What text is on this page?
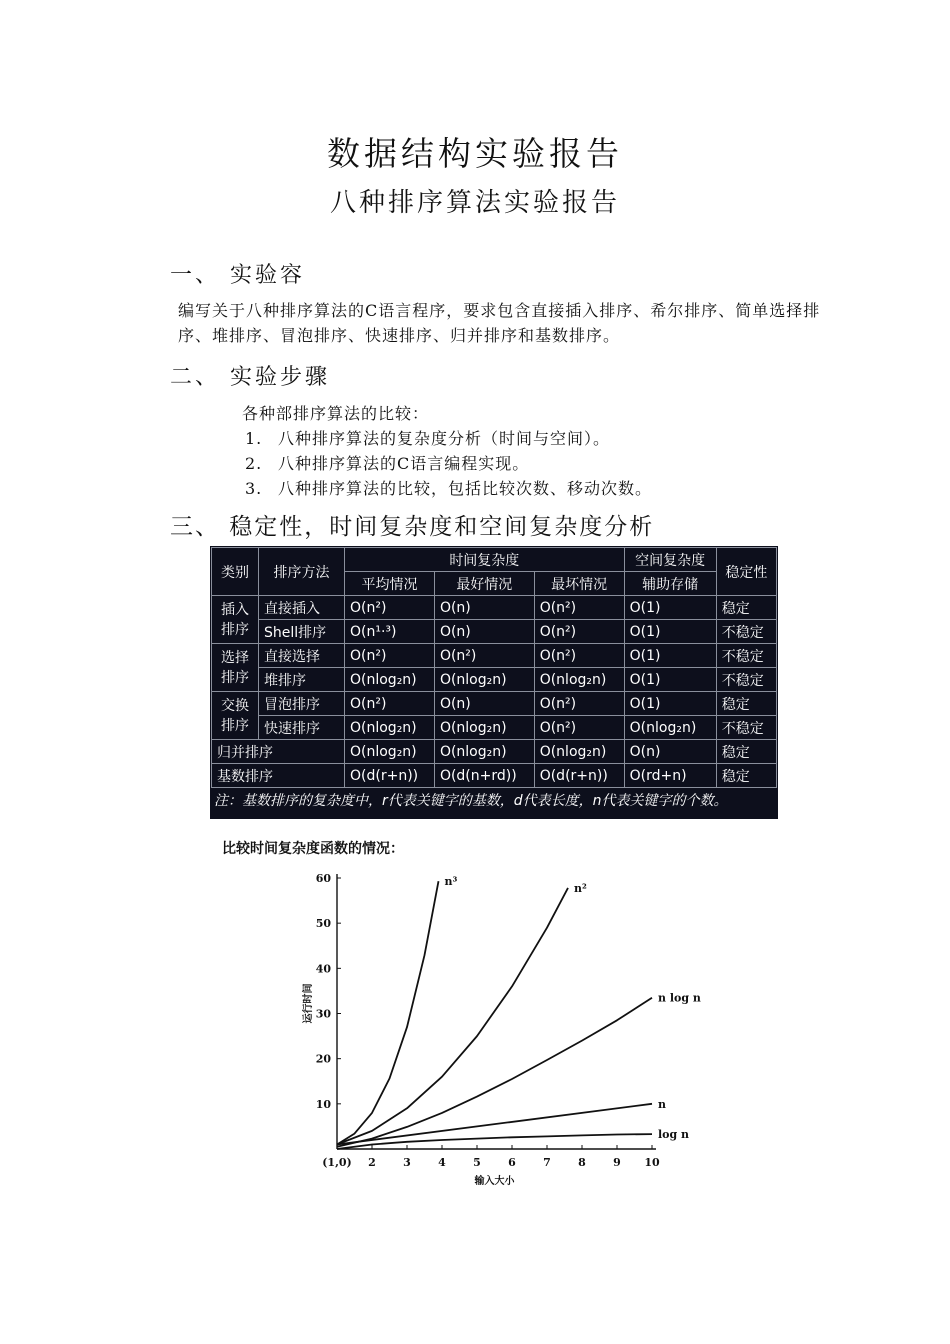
数据结构实验报告
八种排序算法实验报告
一、 实验容
编写关于八种排序算法的C语言程序，要求包含直接插入排序、希尔排序、简单选择排序、堆排序、冒泡排序、快速排序、归并排序和基数排序。
二、 实验步骤
各种部排序算法的比较：
1. 八种排序算法的复杂度分析（时间与空间）。
2. 八种排序算法的C语言编程实现。
3. 八种排序算法的比较，包括比较次数、移动次数。
三、 稳定性，时间复杂度和空间复杂度分析
类别	排序方法	时间复杂度			空间复杂度	稳定性
		平均情况	最好情况	最坏情况	辅助存储	
插入排序	直接插入	O(n²)	O(n)	O(n²)	O(1)	稳定
	Shell排序	O(n¹·³)	O(n)	O(n²)	O(1)	不稳定
选择排序	直接选择	O(n²)	O(n²)	O(n²)	O(1)	不稳定
	堆排序	O(nlog₂n)	O(nlog₂n)	O(nlog₂n)	O(1)	不稳定
交换排序	冒泡排序	O(n²)	O(n)	O(n²)	O(1)	稳定
	快速排序	O(nlog₂n)	O(nlog₂n)	O(n²)	O(nlog₂n)	不稳定
归并排序		O(nlog₂n)	O(nlog₂n)	O(nlog₂n)	O(n)	稳定
基数排序		O(d(r+n))	O(d(n+rd))	O(d(r+n))	O(rd+n)	稳定
注：基数排序的复杂度中，r代表关键字的基数，d代表长度，n代表关键字的个数。
比较时间复杂度函数的情况：
(1,0) 2 3 4 5 6 7 8 9 10
10
20
30
40
50
60
输入大小
运行时间
n³
n²
n log n
n
log n
